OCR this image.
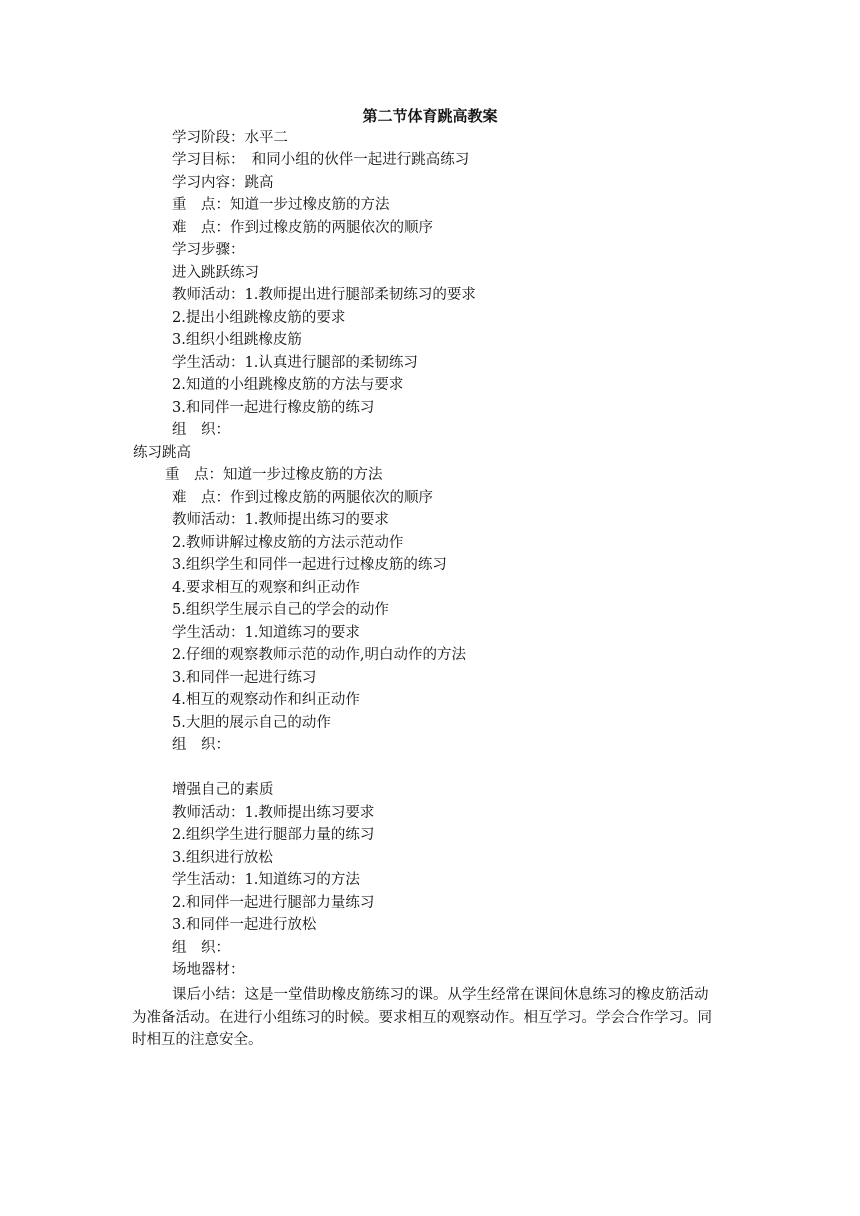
第二节体育跳高教案
学习阶段：水平二
学习目标：　和同小组的伙伴一起进行跳高练习
学习内容：跳高
重　点：知道一步过橡皮筋的方法
难　点：作到过橡皮筋的两腿依次的顺序
学习步骤：
进入跳跃练习
教师活动：1.教师提出进行腿部柔韧练习的要求
2.提出小组跳橡皮筋的要求
3.组织小组跳橡皮筋
学生活动：1.认真进行腿部的柔韧练习
2.知道的小组跳橡皮筋的方法与要求
3.和同伴一起进行橡皮筋的练习
组　织：
练习跳高
重　点：知道一步过橡皮筋的方法
难　点：作到过橡皮筋的两腿依次的顺序
教师活动：1.教师提出练习的要求
2.教师讲解过橡皮筋的方法示范动作
3.组织学生和同伴一起进行过橡皮筋的练习
4.要求相互的观察和纠正动作
5.组织学生展示自己的学会的动作
学生活动：1.知道练习的要求
2.仔细的观察教师示范的动作,明白动作的方法
3.和同伴一起进行练习
4.相互的观察动作和纠正动作
5.大胆的展示自己的动作
组　织：
增强自己的素质
教师活动：1.教师提出练习要求
2.组织学生进行腿部力量的练习
3.组织进行放松
学生活动：1.知道练习的方法
2.和同伴一起进行腿部力量练习
3.和同伴一起进行放松
组　织：
场地器材：
课后小结：这是一堂借助橡皮筋练习的课。从学生经常在课间休息练习的橡皮筋活动
为准备活动。在进行小组练习的时候。要求相互的观察动作。相互学习。学会合作学习。同
时相互的注意安全。
